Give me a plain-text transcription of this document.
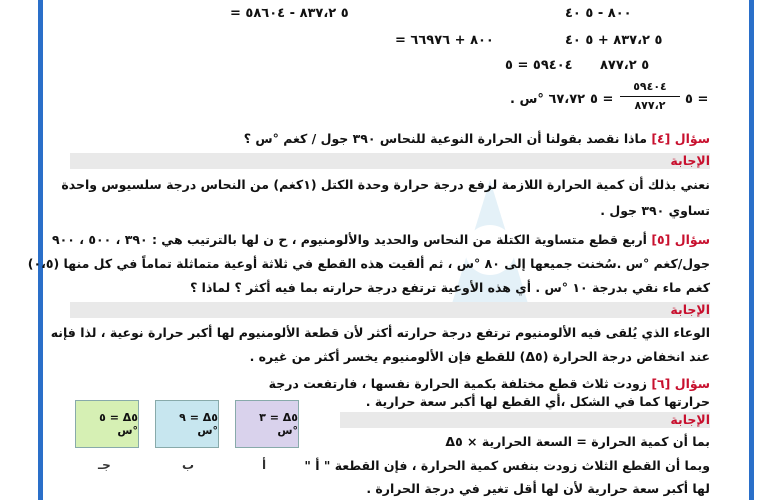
٥ ٨٣٧،٢ - ٥٨٦٠٤ =	٨٠٠ - ٥ ٤٠
٨٠٠ + ٦٦٩٧٦ =	٥ ٨٣٧،٢ + ٥ ٤٠
٥٩٤٠٤ = ٥ ٥ ٨٧٧،٢
٦٧،٧٢ °س .
٥٩٤٠٤
٨٧٧،٢
= ٥	= ٥
سؤال [٤] ماذا نقصد بقولنا أن الحرارة النوعية للنحاس ٣٩٠ جول / كغم °س ؟
الإجابة
نعني بذلك أن كمية الحرارة اللازمة لرفع درجة حرارة وحدة الكتل (١كغم) من النحاس درجة سلسيوس واحدة
تساوي ٣٩٠ جول .
سؤال [٥] أربع قطع متساوية الكتلة من النحاس والحديد والألومنيوم ، ح ن لها بالترتيب هي : ٣٩٠ ، ٥٠٠ ، ٩٠٠
جول/كغم °س .سُخنت جميعها إلى ٨٠ °س ، ثم ألقيت هذه القطع في ثلاثة أوعية متماثلة تماماً في كل منها (٠،٥)
كغم ماء نقي بدرجة ١٠ °س . أي هذه الأوعية ترتفع درجة حرارته بما فيه أكثر ؟ لماذا ؟
الإجابة
الوعاء الذي يُلقى فيه الألومنيوم ترتفع درجة حرارته أكثر لأن قطعة الألومنيوم لها أكبر حرارة نوعية ، لذا فإنه
عند انخفاض درجة الحرارة (Δ٥) للقطع فإن الألومنيوم يخسر أكثر من غيره .
سؤال [٦] زودت ثلاث قطع مختلفة بكمية الحرارة نفسها ، فارتفعت درجة
حرارتها كما في الشكل ،أي القطع لها أكبر سعة حرارية .
الإجابة
بما أن كمية الحرارة = السعة الحرارية × Δ٥
وبما أن القطع الثلاث زودت بنفس كمية الحرارة ، فإن القطعة " أ "
لها أكبر سعة حرارية لأن لها أقل تغير في درجة الحرارة .
Δ٥ = ٥ °س
Δ٥ = ٩ °س
Δ٥ = ٣ °س
جـ	ب	أ
